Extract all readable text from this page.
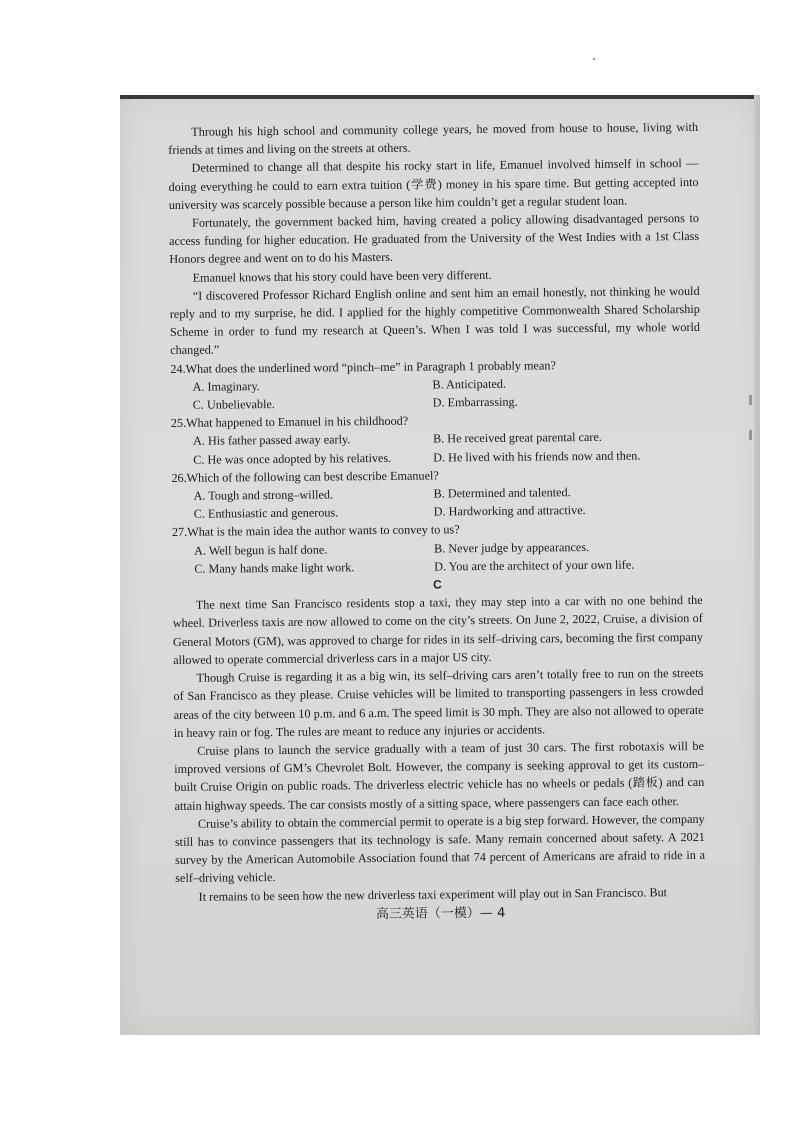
Through his high school and community college years, he moved from house to house, living with friends at times and living on the streets at others.

Determined to change all that despite his rocky start in life, Emanuel involved himself in school — doing everything he could to earn extra tuition (学费) money in his spare time. But getting accepted into university was scarcely possible because a person like him couldn’t get a regular student loan.

Fortunately, the government backed him, having created a policy allowing disadvantaged persons to access funding for higher education. He graduated from the University of the West Indies with a 1st Class Honors degree and went on to do his Masters.

Emanuel knows that his story could have been very different.

“I discovered Professor Richard English online and sent him an email honestly, not thinking he would reply and to my surprise, he did. I applied for the highly competitive Commonwealth Shared Scholarship Scheme in order to fund my research at Queen’s. When I was told I was successful, my whole world changed.”

24.What does the underlined word “pinch–me” in Paragraph 1 probably mean?

A. Imaginary.	B. Anticipated.

C. Unbelievable.	D. Embarrassing.

25.What happened to Emanuel in his childhood?

A. His father passed away early.	B. He received great parental care.

C. He was once adopted by his relatives.	D. He lived with his friends now and then.

26.Which of the following can best describe Emanuel?

A. Tough and strong–willed.	B. Determined and talented.

C. Enthusiastic and generous.	D. Hardworking and attractive.

27.What is the main idea the author wants to convey to us?

A. Well begun is half done.	B. Never judge by appearances.

C. Many hands make light work.	D. You are the architect of your own life.

C

The next time San Francisco residents stop a taxi, they may step into a car with no one behind the wheel. Driverless taxis are now allowed to come on the city’s streets. On June 2, 2022, Cruise, a division of General Motors (GM), was approved to charge for rides in its self–driving cars, becoming the first company allowed to operate commercial driverless cars in a major US city.

Though Cruise is regarding it as a big win, its self–driving cars aren’t totally free to run on the streets of San Francisco as they please. Cruise vehicles will be limited to transporting passengers in less crowded areas of the city between 10 p.m. and 6 a.m. The speed limit is 30 mph. They are also not allowed to operate in heavy rain or fog. The rules are meant to reduce any injuries or accidents.

Cruise plans to launch the service gradually with a team of just 30 cars. The first robotaxis will be improved versions of GM’s Chevrolet Bolt. However, the company is seeking approval to get its custom–built Cruise Origin on public roads. The driverless electric vehicle has no wheels or pedals (踏板) and can attain highway speeds. The car consists mostly of a sitting space, where passengers can face each other.

Cruise’s ability to obtain the commercial permit to operate is a big step forward. However, the company still has to convince passengers that its technology is safe. Many remain concerned about safety. A 2021 survey by the American Automobile Association found that 74 percent of Americans are afraid to ride in a self–driving vehicle.

It remains to be seen how the new driverless taxi experiment will play out in San Francisco. But

高三英语（一模）— 4
